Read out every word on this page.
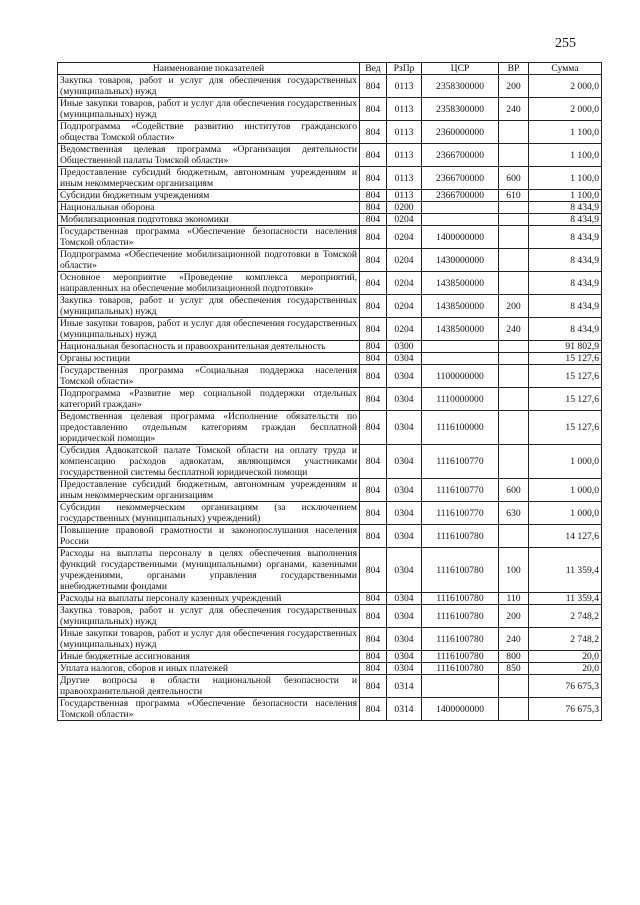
255
Наименование показателей	Вед	РзПр	ЦСР	ВР	Сумма
Закупка товаров, работ и услуг для обеспечения государственных (муниципальных) нужд	804	0113	2358300000	200	2 000,0
Иные закупки товаров, работ и услуг для обеспечения государственных (муниципальных) нужд	804	0113	2358300000	240	2 000,0
Подпрограмма «Содействие развитию институтов гражданского общества Томской области»	804	0113	2360000000		1 100,0
Ведомственная целевая программа «Организация деятельности Общественной палаты Томской области»	804	0113	2366700000		1 100,0
Предоставление субсидий бюджетным, автономным учреждениям и иным некоммерческим организациям	804	0113	2366700000	600	1 100,0
Субсидии бюджетным учреждениям	804	0113	2366700000	610	1 100,0
Национальная оборона	804	0200			8 434,9
Мобилизационная подготовка экономики	804	0204			8 434,9
Государственная программа «Обеспечение безопасности населения Томской области»	804	0204	1400000000		8 434,9
Подпрограмма «Обеспечение мобилизационной подготовки в Томской области»	804	0204	1430000000		8 434,9
Основное мероприятие «Проведение комплекса мероприятий, направленных на обеспечение мобилизационной подготовки»	804	0204	1438500000		8 434,9
Закупка товаров, работ и услуг для обеспечения государственных (муниципальных) нужд	804	0204	1438500000	200	8 434,9
Иные закупки товаров, работ и услуг для обеспечения государственных (муниципальных) нужд	804	0204	1438500000	240	8 434,9
Национальная безопасность и правоохранительная деятельность	804	0300			91 802,9
Органы юстиции	804	0304			15 127,6
Государственная программа «Социальная поддержка населения Томской области»	804	0304	1100000000		15 127,6
Подпрограмма «Развитие мер социальной поддержки отдельных категорий граждан»	804	0304	1110000000		15 127,6
Ведомственная целевая программа «Исполнение обязательств по предоставлению отдельным категориям граждан бесплатной юридической помощи»	804	0304	1116100000		15 127,6
Субсидия Адвокатской палате Томской области на оплату труда и компенсацию расходов адвокатам, являющимся участниками государственной системы бесплатной юридической помощи	804	0304	1116100770		1 000,0
Предоставление субсидий бюджетным, автономным учреждениям и иным некоммерческим организациям	804	0304	1116100770	600	1 000,0
Субсидии некоммерческим организациям (за исключением государственных (муниципальных) учреждений)	804	0304	1116100770	630	1 000,0
Повышение правовой грамотности и законопослушания населения России	804	0304	1116100780		14 127,6
Расходы на выплаты персоналу в целях обеспечения выполнения функций государственными (муниципальными) органами, казенными учреждениями, органами управления государственными внебюджетными фондами	804	0304	1116100780	100	11 359,4
Расходы на выплаты персоналу казенных учреждений	804	0304	1116100780	110	11 359,4
Закупка товаров, работ и услуг для обеспечения государственных (муниципальных) нужд	804	0304	1116100780	200	2 748,2
Иные закупки товаров, работ и услуг для обеспечения государственных (муниципальных) нужд	804	0304	1116100780	240	2 748,2
Иные бюджетные ассигнования	804	0304	1116100780	800	20,0
Уплата налогов, сборов и иных платежей	804	0304	1116100780	850	20,0
Другие вопросы в области национальной безопасности и правоохранительной деятельности	804	0314			76 675,3
Государственная программа «Обеспечение безопасности населения Томской области»	804	0314	1400000000		76 675,3
